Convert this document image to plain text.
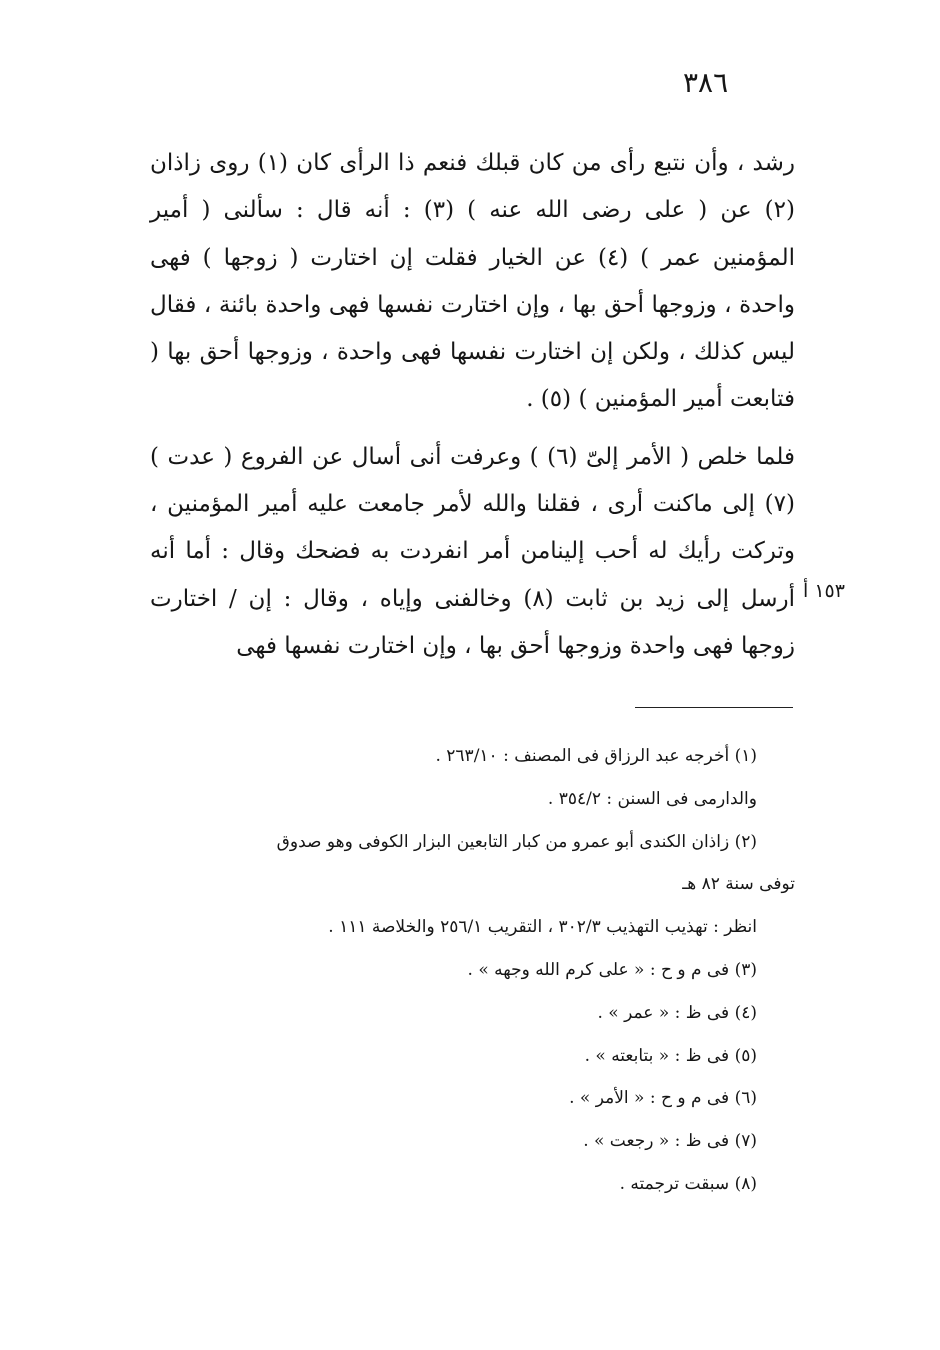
٣٨٦

رشد ، وأن نتبع رأى من كان قبلك فنعم ذا الرأى كان (١) روى زاذان (٢) عن ( على رضى الله عنه ) (٣) : أنه قال : سألنى ( أمير المؤمنين عمر ) (٤) عن الخيار فقلت إن اختارت ( زوجها ) فهى واحدة ، وزوجها أحق بها ، وإن اختارت نفسها فهى واحدة بائنة ، فقال ليس كذلك ، ولكن إن اختارت نفسها فهى واحدة ، وزوجها أحق بها ( فتابعت أمير المؤمنين ) (٥) .

فلما خلص ( الأمر إلىّ (٦) ) وعرفت أنى أسال عن الفروع ( عدت ) (٧) إلى ماكنت أرى ، فقلنا والله لأمر جامعت عليه أمير المؤمنين ، وتركت رأيك له أحب إلينامن أمر انفردت به فضحك وقال : أما أنه أرسل إلى زيد بن ثابت (٨) وخالفنى وإياه ، وقال : إن / اختارت زوجها فهى واحدة وزوجها أحق بها ، وإن اختارت نفسها فهى

١٥٣ أ
(١) أخرجه عبد الرزاق فى المصنف : ٢٦٣/١٠ .
والدارمى فى السنن : ٣٥٤/٢ .
(٢) زاذان الكندى أبو عمرو من كبار التابعين البزار الكوفى وهو صدوق
توفى سنة ٨٢ هـ
انظر : تهذيب التهذيب ٣٠٢/٣ ، التقريب ٢٥٦/١ والخلاصة ١١١ .
(٣) فى م و ح : « على كرم الله وجهه » .
(٤) فى ظ : « عمر » .
(٥) فى ظ : « بتابعته » .
(٦) فى م و ح : « الأمر » .
(٧) فى ظ : « رجعت » .
(٨) سبقت ترجمته .
